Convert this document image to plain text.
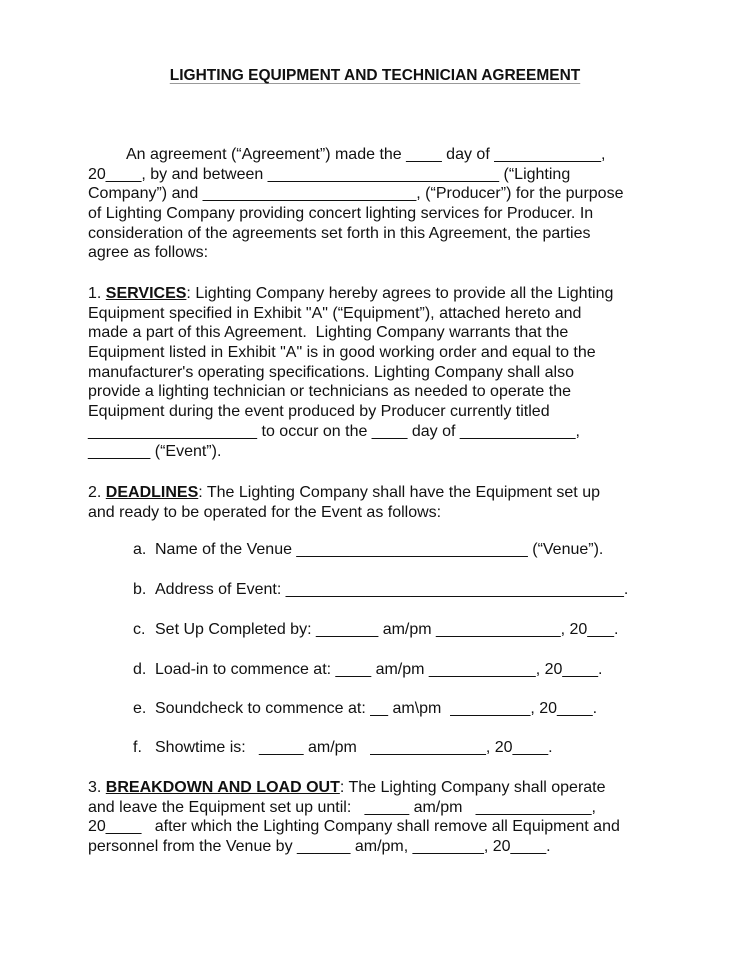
LIGHTING EQUIPMENT AND TECHNICIAN AGREEMENT
An agreement (“Agreement”) made the ____ day of ____________,
20____, by and between __________________________ (“Lighting
Company”) and ________________________, (“Producer”) for the purpose
of Lighting Company providing concert lighting services for Producer. In
consideration of the agreements set forth in this Agreement, the parties
agree as follows:
1. SERVICES: Lighting Company hereby agrees to provide all the Lighting
Equipment specified in Exhibit "A" (“Equipment”), attached hereto and
made a part of this Agreement.  Lighting Company warrants that the
Equipment listed in Exhibit "A" is in good working order and equal to the
manufacturer's operating specifications. Lighting Company shall also
provide a lighting technician or technicians as needed to operate the
Equipment during the event produced by Producer currently titled
___________________ to occur on the ____ day of _____________,
_______ (“Event”).
2. DEADLINES: The Lighting Company shall have the Equipment set up
and ready to be operated for the Event as follows:
a. Name of the Venue __________________________ (“Venue”).
b. Address of Event: ______________________________________.
c. Set Up Completed by: _______ am/pm ______________, 20___.
d. Load-in to commence at: ____ am/pm ____________, 20____.
e. Soundcheck to commence at: __ am\pm  _________, 20____.
f. Showtime is:   _____ am/pm   _____________, 20____.
3. BREAKDOWN AND LOAD OUT: The Lighting Company shall operate
and leave the Equipment set up until:   _____ am/pm   _____________,
20____   after which the Lighting Company shall remove all Equipment and
personnel from the Venue by ______ am/pm, ________, 20____.
